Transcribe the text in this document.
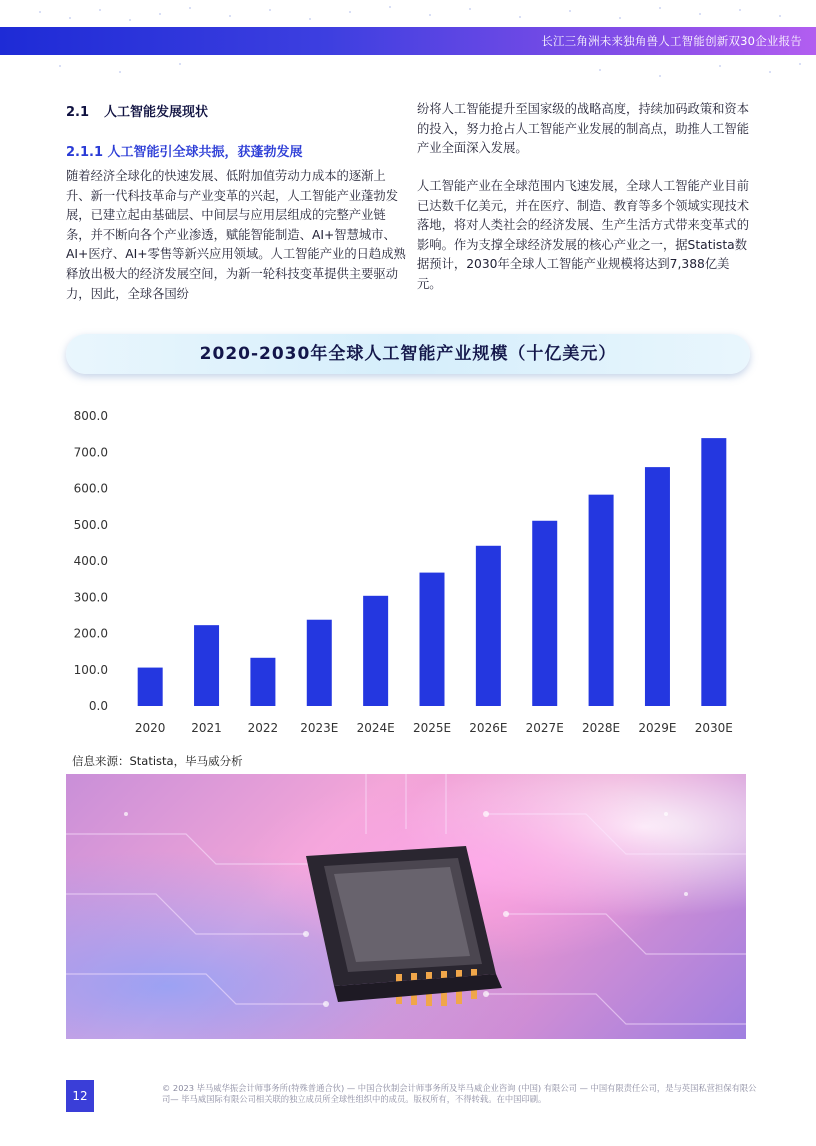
长江三角洲未来独角兽人工智能创新双30企业报告
2.1 人工智能发展现状
2.1.1 人工智能引全球共振，获蓬勃发展

随着经济全球化的快速发展、低附加值劳动力成本的逐渐上升、新一代科技革命与产业变革的兴起，人工智能产业蓬勃发展，已建立起由基础层、中间层与应用层组成的完整产业链条，并不断向各个产业渗透，赋能智能制造、AI+智慧城市、AI+医疗、AI+零售等新兴应用领域。人工智能产业的日趋成熟释放出极大的经济发展空间，为新一轮科技变革提供主要驱动力，因此，全球各国纷

纷将人工智能提升至国家级的战略高度，持续加码政策和资本的投入，努力抢占人工智能产业发展的制高点，助推人工智能产业全面深入发展。

人工智能产业在全球范围内飞速发展，全球人工智能产业目前已达数千亿美元，并在医疗、制造、教育等多个领域实现技术落地，将对人类社会的经济发展、生产生活方式带来变革式的影响。作为支撑全球经济发展的核心产业之一，据Statista数据预计，2030年全球人工智能产业规模将达到7,388亿美元。

2020-2030年全球人工智能产业规模（十亿美元）
0.0
100.0
200.0
300.0
400.0
500.0
600.0
700.0
800.0
2020 2021 2022 2023E 2024E 2025E 2026E 2027E 2028E 2029E 2030E
信息来源：Statista，毕马威分析
12
© 2023 毕马威华振会计师事务所(特殊普通合伙) — 中国合伙制会计师事务所及毕马威企业咨询 (中国) 有限公司 — 中国有限责任公司，是与英国私营担保有限公司— 毕马威国际有限公司相关联的独立成员所全球性组织中的成员。版权所有，不得转载。在中国印刷。
